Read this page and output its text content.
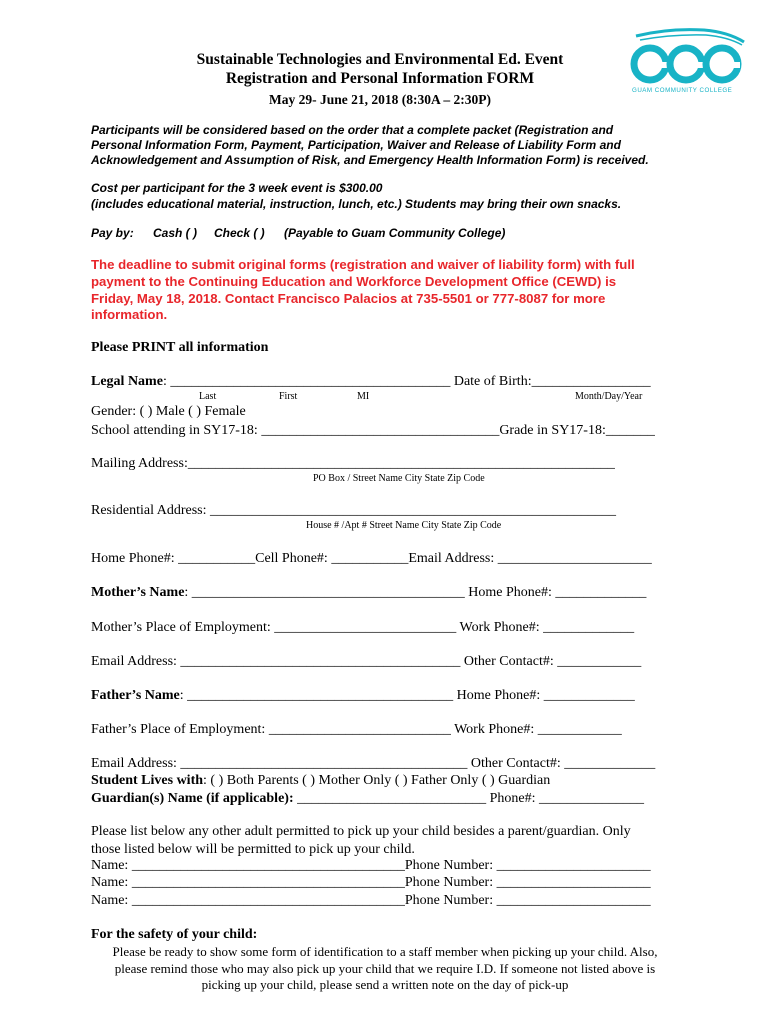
GUAM COMMUNITY COLLEGE
Sustainable Technologies and Environmental Ed. Event
Registration and Personal Information FORM
May 29- June 21, 2018 (8:30A – 2:30P)
Participants will be considered based on the order that a complete packet (Registration and
Personal Information Form, Payment, Participation, Waiver and Release of Liability Form and
Acknowledgement and Assumption of Risk, and Emergency Health Information Form) is received.
Cost per participant for the 3 week event is $300.00
(includes educational material, instruction, lunch, etc.) Students may bring their own snacks.
Pay by: Cash ( ) Check ( ) (Payable to Guam Community College)
The deadline to submit original forms (registration and waiver of liability form) with full
payment to the Continuing Education and Workforce Development Office (CEWD) is
Friday, May 18, 2018. Contact Francisco Palacios at 735-5501 or 777-8087 for more
information.
Please PRINT all information
Legal Name: ________________________________________ Date of Birth:_________________
Last	First	MI	Month/Day/Year
Gender: ( ) Male ( ) Female
School attending in SY17-18: __________________________________Grade in SY17-18:_______
Mailing Address:_____________________________________________________________
PO Box / Street Name City State Zip Code
Residential Address: __________________________________________________________
House # /Apt # Street Name City State Zip Code
Home Phone#: ___________Cell Phone#: ___________Email Address: ______________________
Mother’s Name: _______________________________________ Home Phone#: _____________
Mother’s Place of Employment: __________________________ Work Phone#: _____________
Email Address: ________________________________________ Other Contact#: ____________
Father’s Name: ______________________________________ Home Phone#: _____________
Father’s Place of Employment: __________________________ Work Phone#: ____________
Email Address: _________________________________________ Other Contact#: _____________
Student Lives with: ( ) Both Parents ( ) Mother Only ( ) Father Only ( ) Guardian
Guardian(s) Name (if applicable): ___________________________ Phone#: _______________
Please list below any other adult permitted to pick up your child besides a parent/guardian. Only
those listed below will be permitted to pick up your child.
Name: _______________________________________Phone Number: ______________________
Name: _______________________________________Phone Number: ______________________
Name: _______________________________________Phone Number: ______________________
For the safety of your child:
Please be ready to show some form of identification to a staff member when picking up your child. Also,
please remind those who may also pick up your child that we require I.D. If someone not listed above is
picking up your child, please send a written note on the day of pick-up
